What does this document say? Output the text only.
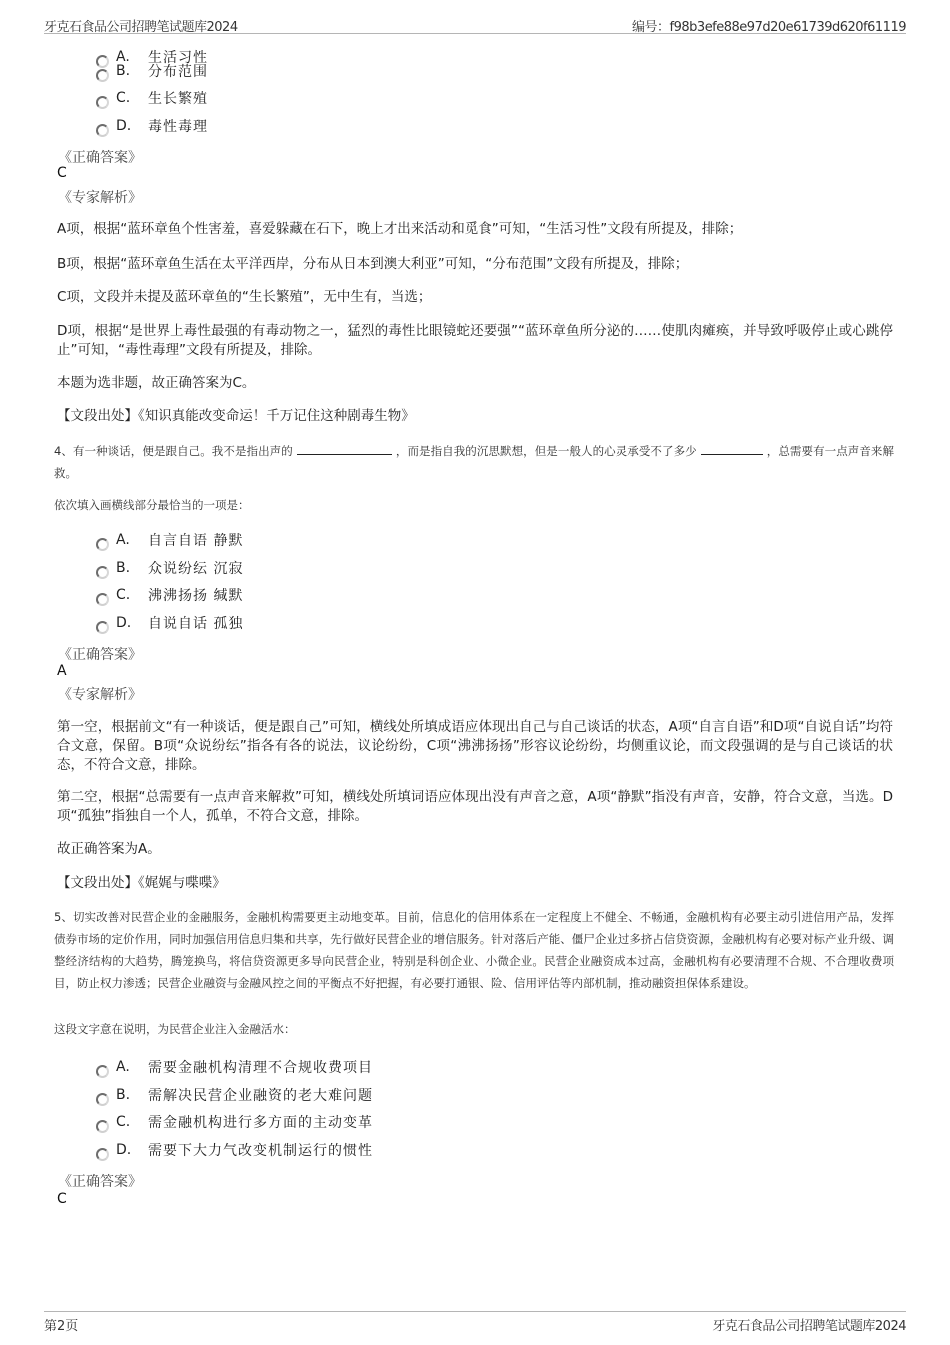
牙克石食品公司招聘笔试题库2024	编号：f98b3efe88e97d20e61739d620f61119
A.	生活习性
B.	分布范围
C.	生长繁殖
D.	毒性毒理
《正确答案》
C
《专家解析》
A项，根据“蓝环章鱼个性害羞，喜爱躲藏在石下，晚上才出来活动和觅食”可知，“生活习性”文段有所提及，排除；
B项，根据“蓝环章鱼生活在太平洋西岸，分布从日本到澳大利亚”可知，“分布范围”文段有所提及，排除；
C项，文段并未提及蓝环章鱼的“生长繁殖”，无中生有，当选；
D项，根据“是世界上毒性最强的有毒动物之一，猛烈的毒性比眼镜蛇还要强”“蓝环章鱼所分泌的……使肌肉瘫痪，并导致呼吸停止或心跳停止”可知，“毒性毒理”文段有所提及，排除。
本题为选非题，故正确答案为C。
【文段出处】《知识真能改变命运！千万记住这种剧毒生物》
4、有一种谈话，便是跟自己。我不是指出声的	，而是指自我的沉思默想，但是一般人的心灵承受不了多少	，总需要有一点声音来解救。
依次填入画横线部分最恰当的一项是：
A.	自言自语 静默
B.	众说纷纭 沉寂
C.	沸沸扬扬 缄默
D.	自说自话 孤独
《正确答案》
A
《专家解析》
第一空，根据前文“有一种谈话，便是跟自己”可知，横线处所填成语应体现出自己与自己谈话的状态，A项“自言自语”和D项“自说自话”均符合文意，保留。B项“众说纷纭”指各有各的说法，议论纷纷，C项“沸沸扬扬”形容议论纷纷，均侧重议论，而文段强调的是与自己谈话的状态，不符合文意，排除。
第二空，根据“总需要有一点声音来解救”可知，横线处所填词语应体现出没有声音之意，A项“静默”指没有声音，安静，符合文意，当选。D项“孤独”指独自一个人，孤单，不符合文意，排除。
故正确答案为A。
【文段出处】《娓娓与喋喋》
5、切实改善对民营企业的金融服务，金融机构需要更主动地变革。目前，信息化的信用体系在一定程度上不健全、不畅通，金融机构有必要主动引进信用产品，发挥债券市场的定价作用，同时加强信用信息归集和共享，先行做好民营企业的增信服务。针对落后产能、僵尸企业过多挤占信贷资源，金融机构有必要对标产业升级、调整经济结构的大趋势，腾笼换鸟，将信贷资源更多导向民营企业，特别是科创企业、小微企业。民营企业融资成本过高，金融机构有必要清理不合规、不合理收费项目，防止权力渗透；民营企业融资与金融风控之间的平衡点不好把握，有必要打通银、险、信用评估等内部机制，推动融资担保体系建设。
这段文字意在说明，为民营企业注入金融活水：
A.	需要金融机构清理不合规收费项目
B.	需解决民营企业融资的老大难问题
C.	需金融机构进行多方面的主动变革
D.	需要下大力气改变机制运行的惯性
《正确答案》
C
第2页	牙克石食品公司招聘笔试题库2024
